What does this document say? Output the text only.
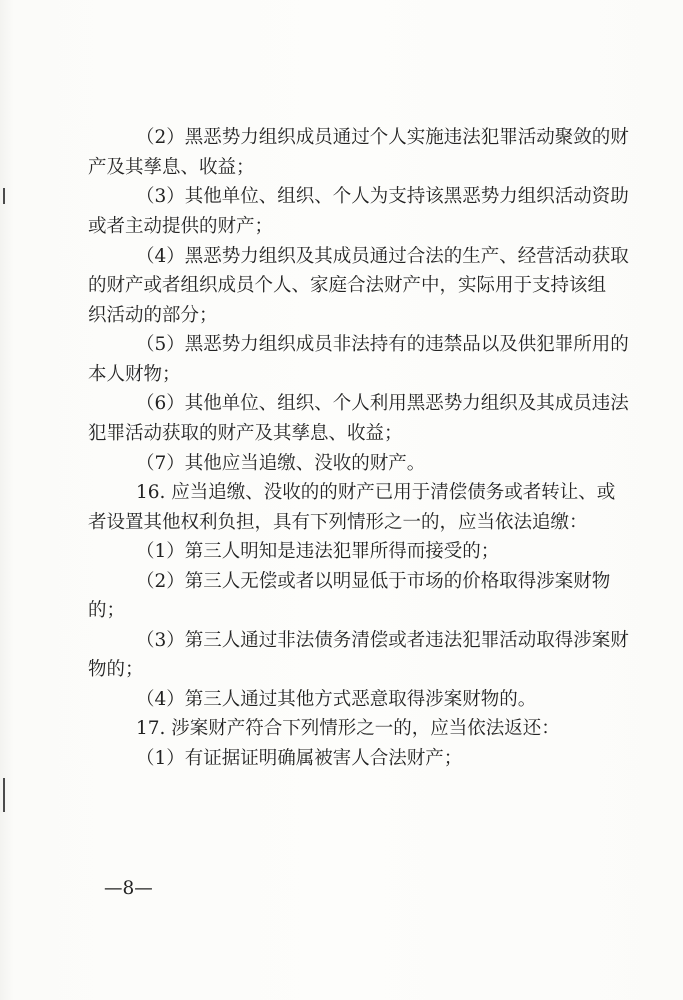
（2）黑恶势力组织成员通过个人实施违法犯罪活动聚敛的财
产及其孳息、收益；
（3）其他单位、组织、个人为支持该黑恶势力组织活动资助
或者主动提供的财产；
（4）黑恶势力组织及其成员通过合法的生产、经营活动获取
的财产或者组织成员个人、家庭合法财产中，实际用于支持该组
织活动的部分；
（5）黑恶势力组织成员非法持有的违禁品以及供犯罪所用的
本人财物；
（6）其他单位、组织、个人利用黑恶势力组织及其成员违法
犯罪活动获取的财产及其孳息、收益；
（7）其他应当追缴、没收的财产。
16. 应当追缴、没收的的财产已用于清偿债务或者转让、或
者设置其他权利负担，具有下列情形之一的，应当依法追缴：
（1）第三人明知是违法犯罪所得而接受的；
（2）第三人无偿或者以明显低于市场的价格取得涉案财物
的；
（3）第三人通过非法债务清偿或者违法犯罪活动取得涉案财
物的；
（4）第三人通过其他方式恶意取得涉案财物的。
17. 涉案财产符合下列情形之一的，应当依法返还：
（1）有证据证明确属被害人合法财产；
—8—
